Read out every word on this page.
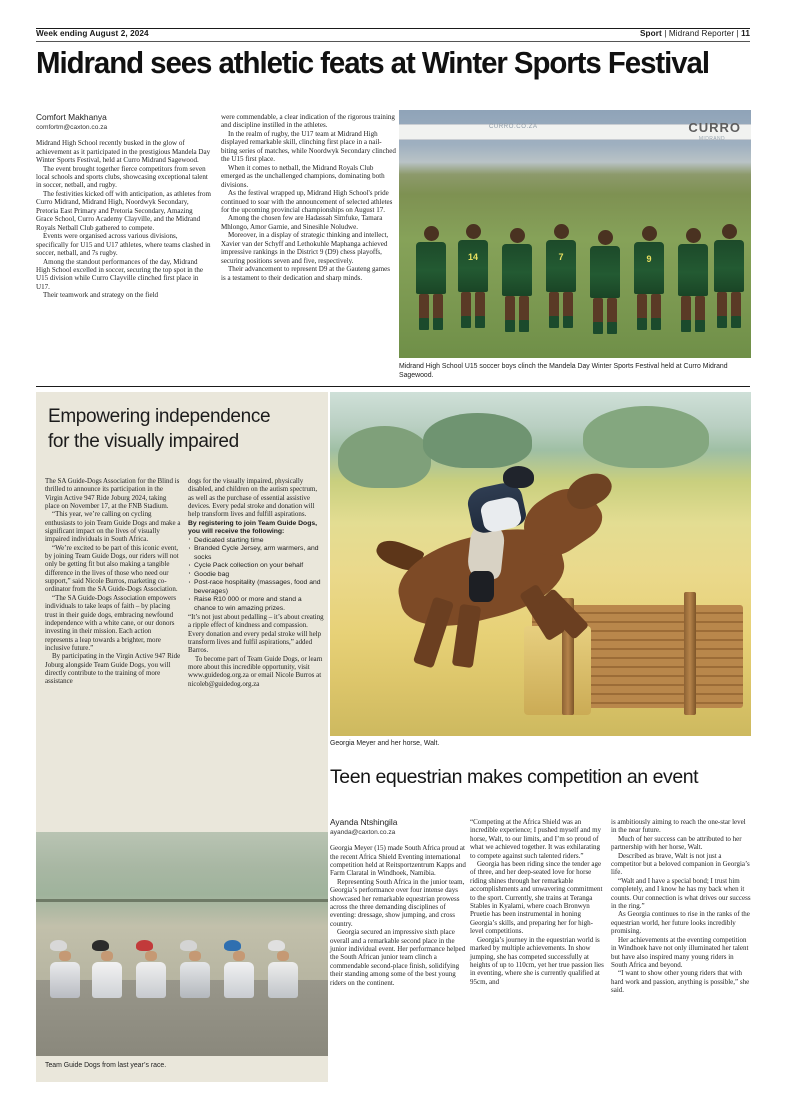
Week ending August 2, 2024	Sport | Midrand Reporter | 11
Midrand sees athletic feats at Winter Sports Festival
Comfort Makhanya
comfortm@caxton.co.za

Midrand High School recently busked in the glow of achievement as it participated in the prestigious Mandela Day Winter Sports Festival, held at Curro Midrand Sagewood.

The event brought together fierce competitors from seven local schools and sports clubs, showcasing exceptional talent in soccer, netball, and rugby.

The festivities kicked off with anticipation, as athletes from Curro Midrand, Midrand High, Noordwyk Secondary, Pretoria East Primary and Pretoria Secondary, Amazing Grace School, Curro Academy Clayville, and the Midrand Royals Netball Club gathered to compete.

Events were organised across various divisions, specifically for U15 and U17 athletes, where teams clashed in soccer, netball, and 7s rugby.

Among the standout performances of the day, Midrand High School excelled in soccer, securing the top spot in the U15 division while Curro Clayville clinched first place in U17.

Their teamwork and strategy on the field

were commendable, a clear indication of the rigorous training and discipline instilled in the athletes.

In the realm of rugby, the U17 team at Midrand High displayed remarkable skill, clinching first place in a nail-biting series of matches, while Noordwyk Secondary clinched the U15 first place.

When it comes to netball, the Midrand Royals Club emerged as the unchallenged champions, dominating both divisions.

As the festival wrapped up, Midrand High School's pride continued to soar with the announcement of selected athletes for the upcoming provincial championships on August 17.

Among the chosen few are Hadassah Simfuke, Tamara Mhlongo, Amor Garnie, and Sinesihle Noludwe.

Moreover, in a display of strategic thinking and intellect, Xavier van der Schyff and Lethokuhle Maphanga achieved impressive rankings in the District 9 (D9) chess playoffs, securing positions seven and five, respectively.

Their advancement to represent D9 at the Gauteng games is a testament to their dedication and sharp minds.

CURRO.CO.ZA	CURRO
MIDRAND
14	7	9
Midrand High School U15 soccer boys clinch the Mandela Day Winter Sports Festival held at Curro Midrand Sagewood.
Empowering independence
for the visually impaired

The SA Guide-Dogs Association for the Blind is thrilled to announce its participation in the Virgin Active 947 Ride Joburg 2024, taking place on November 17, at the FNB Stadium.

“This year, we’re calling on cycling enthusiasts to join Team Guide Dogs and make a significant impact on the lives of visually impaired individuals in South Africa.

“We’re excited to be part of this iconic event, by joining Team Guide Dogs, our riders will not only be getting fit but also making a tangible difference in the lives of those who need our support,” said Nicole Burros, marketing co-ordinator from the SA Guide-Dogs Association.

“The SA Guide-Dogs Association empowers individuals to take leaps of faith – by placing trust in their guide dogs, embracing newfound independence with a white cane, or our donors investing in their mission. Each action represents a leap towards a brighter, more inclusive future.”

By participating in the Virgin Active 947 Ride Joburg alongside Team Guide Dogs, you will directly contribute to the training of more assistance

dogs for the visually impaired, physically disabled, and children on the autism spectrum, as well as the purchase of essential assistive devices. Every pedal stroke and donation will help transform lives and fulfill aspirations.

By registering to join Team Guide Dogs, you will receive the following:
· Dedicated starting time
· Branded Cycle Jersey, arm warmers, and socks
· Cycle Pack collection on your behalf
· Goodie bag
· Post-race hospitality (massages, food and beverages)
· Raise R10 000 or more and stand a chance to win amazing prizes.

“It’s not just about pedalling – it’s about creating a ripple effect of kindness and compassion. Every donation and every pedal stroke will help transform lives and fulfil aspirations,” added Barros.

To become part of Team Guide Dogs, or learn more about this incredible opportunity, visit www.guidedog.org.za or email Nicole Burros at nicoleb@guidedog.org.za

Team Guide Dogs from last year’s race.
Georgia Meyer and her horse, Walt.
Teen equestrian makes competition an event
Ayanda Ntshingila
ayanda@caxton.co.za

Georgia Meyer (15) made South Africa proud at the recent Africa Shield Eventing international competition held at Reitsportzentrum Kapps and Farm Claratal in Windhoek, Namibia.

Representing South Africa in the junior team, Georgia’s performance over four intense days showcased her remarkable equestrian prowess across the three demanding disciplines of eventing: dressage, show jumping, and cross country.

Georgia secured an impressive sixth place overall and a remarkable second place in the junior individual event. Her performance helped the South African junior team clinch a commendable second-place finish, solidifying their standing among some of the best young riders on the continent.

“Competing at the Africa Shield was an incredible experience; I pushed myself and my horse, Walt, to our limits, and I’m so proud of what we achieved together. It was exhilarating to compete against such talented riders.”

Georgia has been riding since the tender age of three, and her deep-seated love for horse riding shines through her remarkable accomplishments and unwavering commitment to the sport. Currently, she trains at Teranga Stables in Kyalami, where coach Bronwyn Pruetie has been instrumental in honing Georgia’s skills, and preparing her for high-level competitions.

Georgia’s journey in the equestrian world is marked by multiple achievements. In show jumping, she has competed successfully at heights of up to 110cm, yet her true passion lies in eventing, where she is currently qualified at 95cm, and

is ambitiously aiming to reach the one-star level in the near future.

Much of her success can be attributed to her partnership with her horse, Walt.

Described as brave, Walt is not just a competitor but a beloved companion in Georgia’s life.

“Walt and I have a special bond; I trust him completely, and I know he has my back when it counts. Our connection is what drives our success in the ring.”

As Georgia continues to rise in the ranks of the equestrian world, her future looks incredibly promising.

Her achievements at the eventing competition in Windhoek have not only illuminated her talent but have also inspired many young riders in South Africa and beyond.

“I want to show other young riders that with hard work and passion, anything is possible,” she said.
